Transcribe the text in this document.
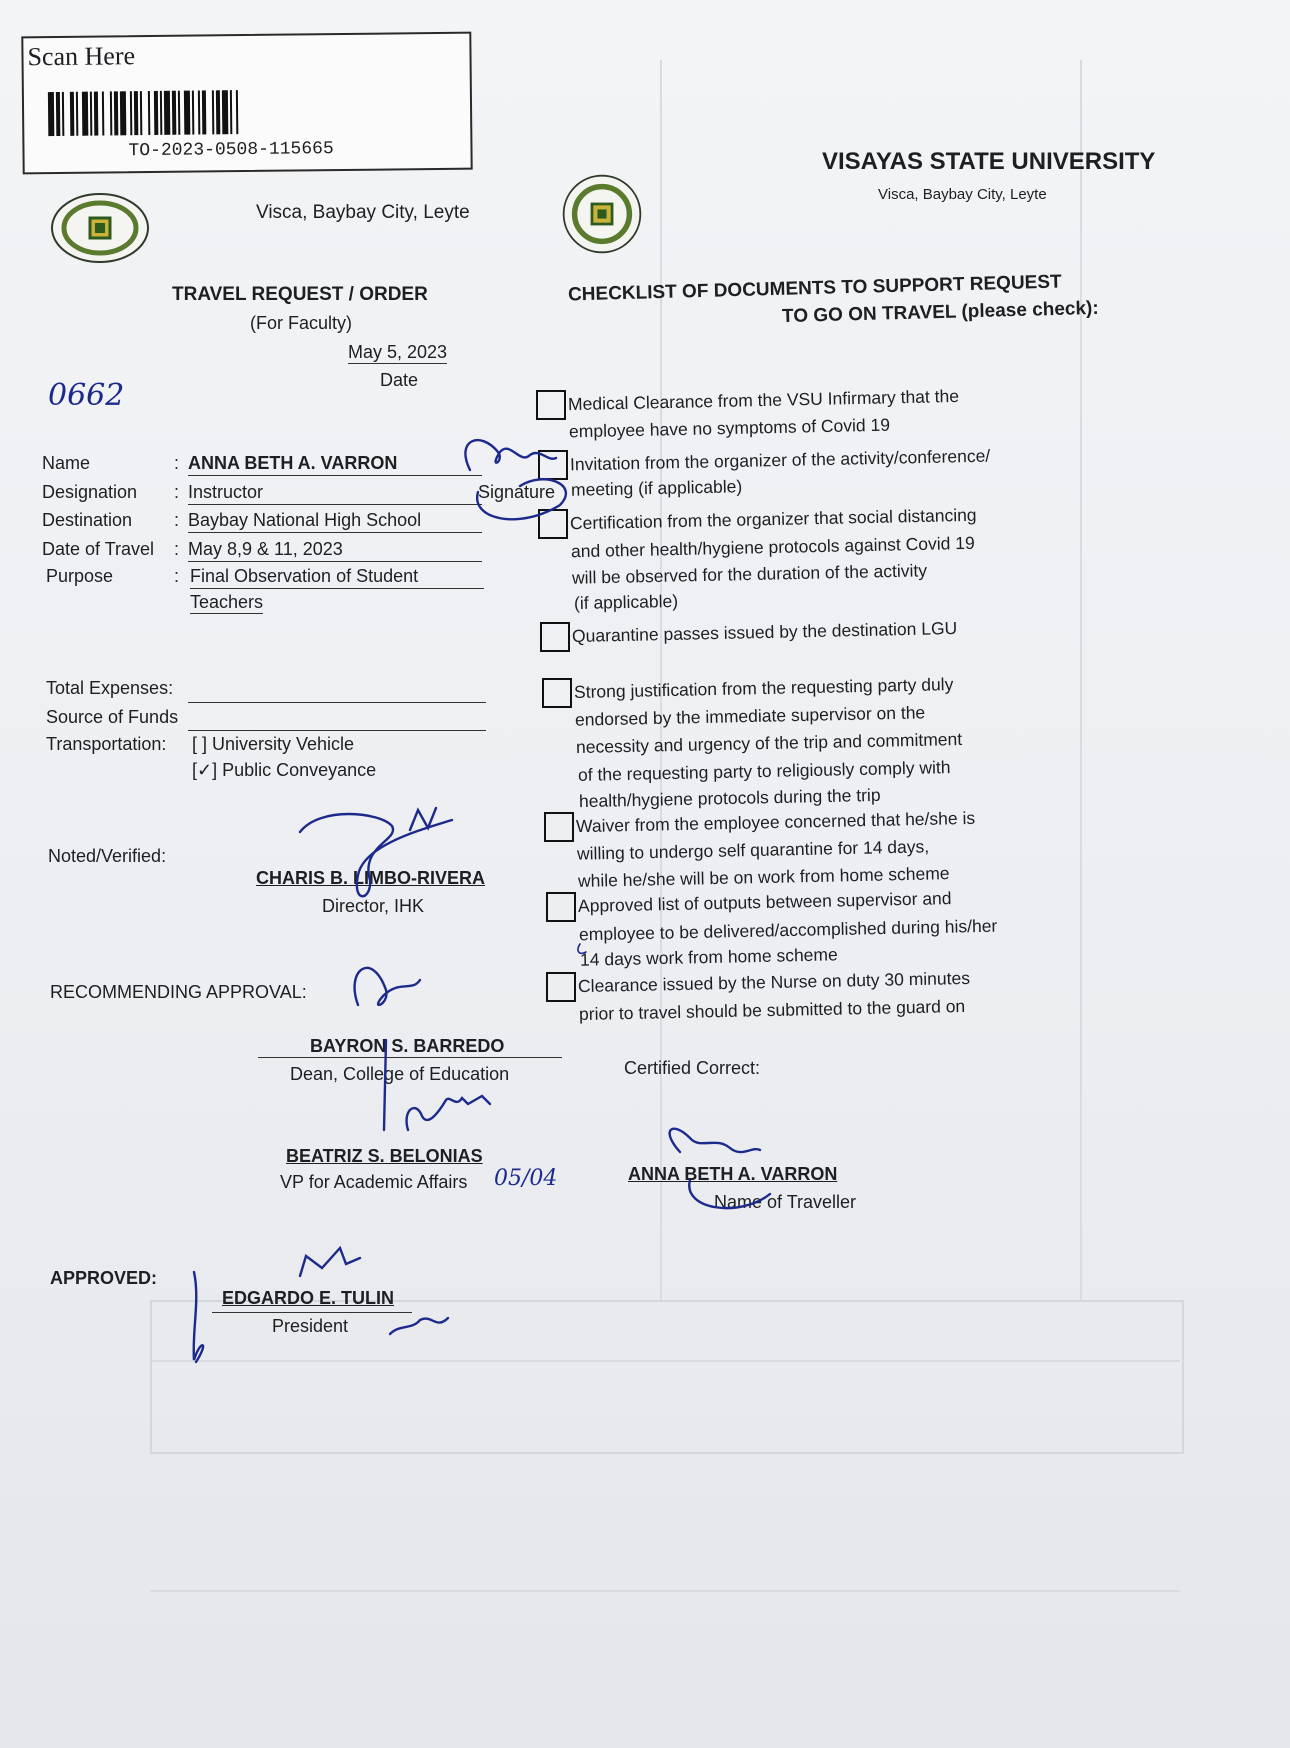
Scan Here
TO-2023-0508-115665	VISAYAS STATE UNIVERSITY
Visca, Baybay City, Leyte
Visca, Baybay City, Leyte
TRAVEL REQUEST / ORDER
(For Faculty)
May 5, 2023
Date
0662
Name	: ANNA BETH A. VARRON
Designation : Instructor
Destination : Baybay National High School
Date of Travel : May 8,9 & 11, 2023
Purpose	: Final Observation of Student
Teachers
Signature
Total Expenses:
Source of Funds
Transportation: [ ] University Vehicle
[✓] Public Conveyance
Noted/Verified:
CHARIS B. LIMBO-RIVERA
Director, IHK
RECOMMENDING APPROVAL:
BAYRON S. BARREDO
Dean, College of Education
BEATRIZ S. BELONIAS
VP for Academic Affairs 05/04
APPROVED:
EDGARDO E. TULIN
President
CHECKLIST OF DOCUMENTS TO SUPPORT REQUEST
TO GO ON TRAVEL (please check):
Medical Clearance from the VSU Infirmary that the
employee have no symptoms of Covid 19
Invitation from the organizer of the activity/conference/
meeting (if applicable)
Certification from the organizer that social distancing
and other health/hygiene protocols against Covid 19
will be observed for the duration of the activity
(if applicable)
Quarantine passes issued by the destination LGU
Strong justification from the requesting party duly
endorsed by the immediate supervisor on the
necessity and urgency of the trip and commitment
of the requesting party to religiously comply with
health/hygiene protocols during the trip
Waiver from the employee concerned that he/she is
willing to undergo self quarantine for 14 days,
while he/she will be on work from home scheme
Approved list of outputs between supervisor and
employee to be delivered/accomplished during his/her
14 days work from home scheme
Clearance issued by the Nurse on duty 30 minutes
prior to travel should be submitted to the guard on
Certified Correct:
ANNA BETH A. VARRON
Name of Traveller
